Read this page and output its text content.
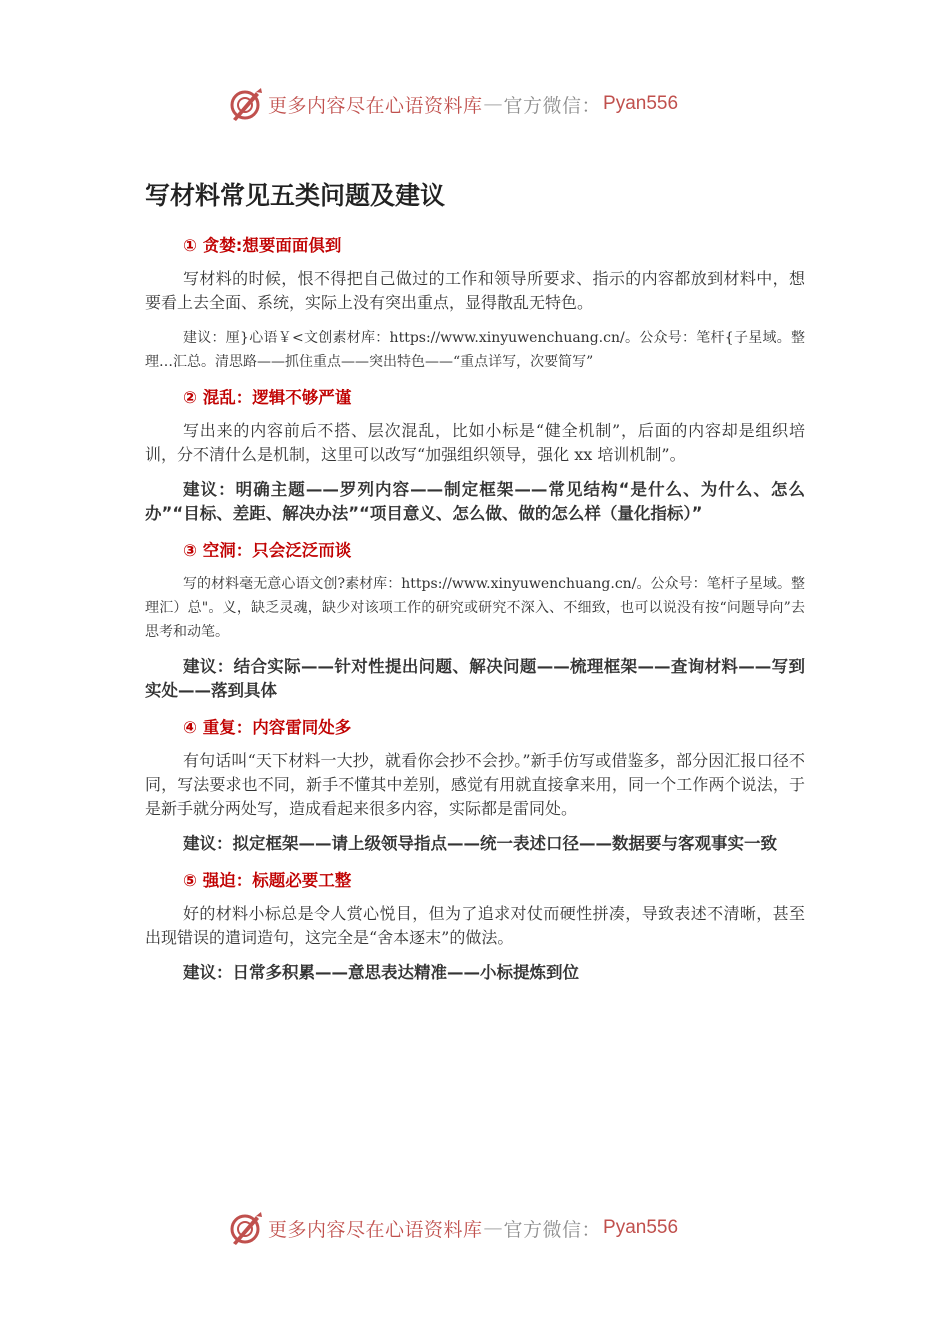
更多内容尽在心语资料库 — 官方微信： Pyan556
写材料常见五类问题及建议
① 贪婪:想要面面俱到

写材料的时候，恨不得把自己做过的工作和领导所要求、指示的内容都放到材料中，想要看上去全面、系统，实际上没有突出重点，显得散乱无特色。

建议：厘}心语￥<文创素材库：https://www.xinyuwenchuang.cn/。公众号：笔杆{子星域。整理…汇总。清思路——抓住重点——突出特色——“重点详写，次要简写”

② 混乱：逻辑不够严谨

写出来的内容前后不搭、层次混乱，比如小标是“健全机制”，后面的内容却是组织培训，分不清什么是机制，这里可以改写“加强组织领导，强化 xx 培训机制”。

建议：明确主题——罗列内容——制定框架——常见结构“是什么、为什么、怎么办”“目标、差距、解决办法”“项目意义、怎么做、做的怎么样（量化指标）”

③ 空洞：只会泛泛而谈

写的材料毫无意心语文创?素材库：https://www.xinyuwenchuang.cn/。公众号：笔杆子星域。整理汇）总"。义，缺乏灵魂，缺少对该项工作的研究或研究不深入、不细致，也可以说没有按“问题导向”去思考和动笔。

建议：结合实际——针对性提出问题、解决问题——梳理框架——查询材料——写到实处——落到具体

④ 重复：内容雷同处多

有句话叫“天下材料一大抄，就看你会抄不会抄。”新手仿写或借鉴多，部分因汇报口径不同，写法要求也不同，新手不懂其中差别，感觉有用就直接拿来用，同一个工作两个说法，于是新手就分两处写，造成看起来很多内容，实际都是雷同处。

建议：拟定框架——请上级领导指点——统一表述口径——数据要与客观事实一致

⑤ 强迫：标题必要工整

好的材料小标总是令人赏心悦目，但为了追求对仗而硬性拼凑，导致表述不清晰，甚至出现错误的遣词造句，这完全是“舍本逐末”的做法。

建议：日常多积累——意思表达精准——小标提炼到位

更多内容尽在心语资料库 — 官方微信： Pyan556
